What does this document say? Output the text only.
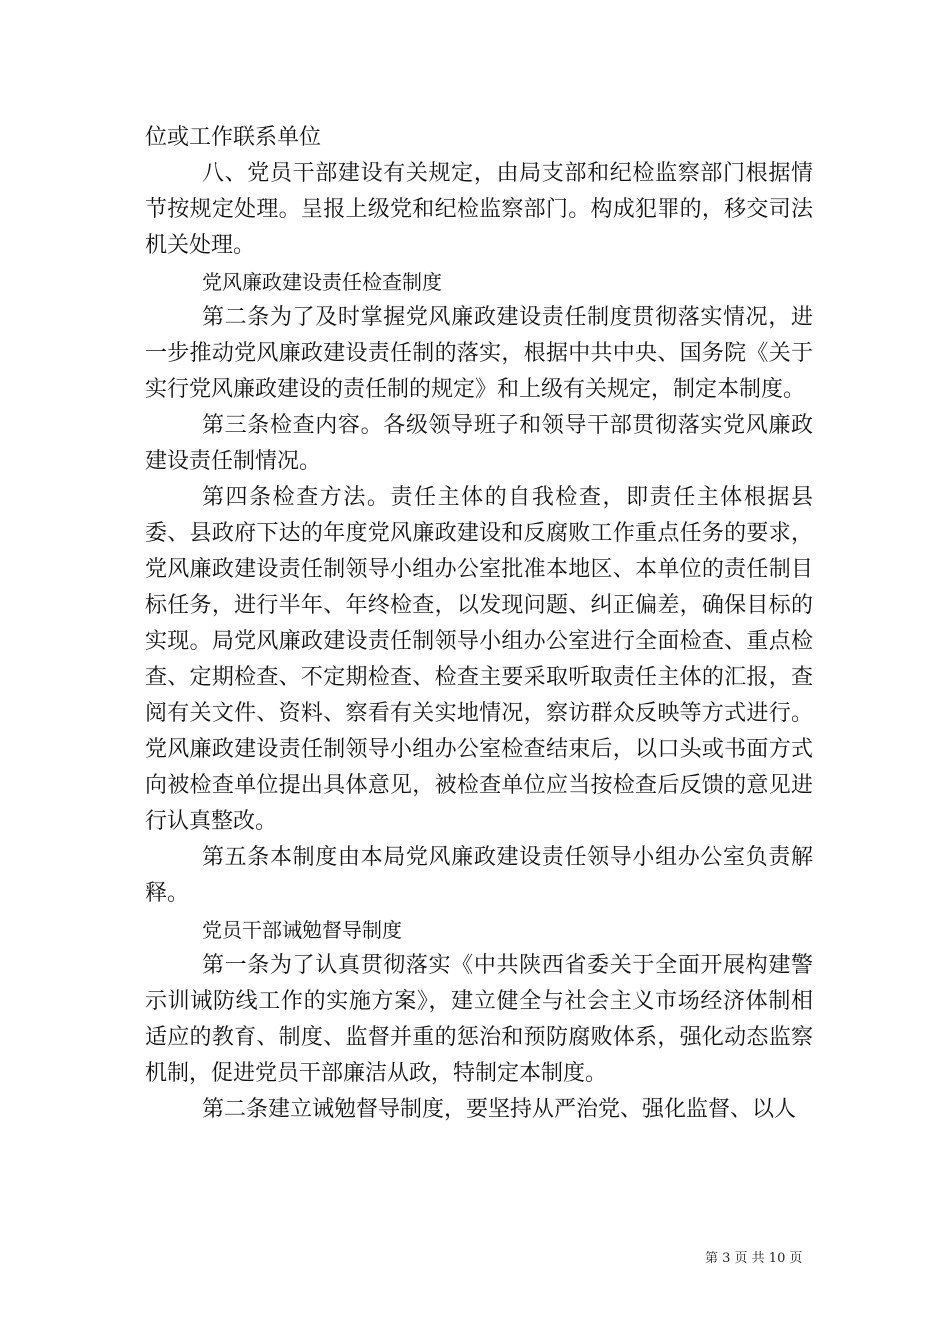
位或工作联系单位

八、党员干部建设有关规定，由局支部和纪检监察部门根据情节按规定处理。呈报上级党和纪检监察部门。构成犯罪的，移交司法机关处理。

党风廉政建设责任检查制度

第二条为了及时掌握党风廉政建设责任制度贯彻落实情况，进一步推动党风廉政建设责任制的落实，根据中共中央、国务院《关于实行党风廉政建设的责任制的规定》和上级有关规定，制定本制度。

第三条检查内容。各级领导班子和领导干部贯彻落实党风廉政建设责任制情况。

第四条检查方法。责任主体的自我检查，即责任主体根据县委、县政府下达的年度党风廉政建设和反腐败工作重点任务的要求，党风廉政建设责任制领导小组办公室批准本地区、本单位的责任制目标任务，进行半年、年终检查，以发现问题、纠正偏差，确保目标的实现。局党风廉政建设责任制领导小组办公室进行全面检查、重点检查、定期检查、不定期检查、检查主要采取听取责任主体的汇报，查阅有关文件、资料、察看有关实地情况，察访群众反映等方式进行。党风廉政建设责任制领导小组办公室检查结束后，以口头或书面方式向被检查单位提出具体意见，被检查单位应当按检查后反馈的意见进行认真整改。

第五条本制度由本局党风廉政建设责任领导小组办公室负责解释。

党员干部诫勉督导制度

第一条为了认真贯彻落实《中共陕西省委关于全面开展构建警示训诫防线工作的实施方案》，建立健全与社会主义市场经济体制相适应的教育、制度、监督并重的惩治和预防腐败体系，强化动态监察机制，促进党员干部廉洁从政，特制定本制度。

第二条建立诫勉督导制度，要坚持从严治党、强化监督、以人

第 3 页 共 10 页
